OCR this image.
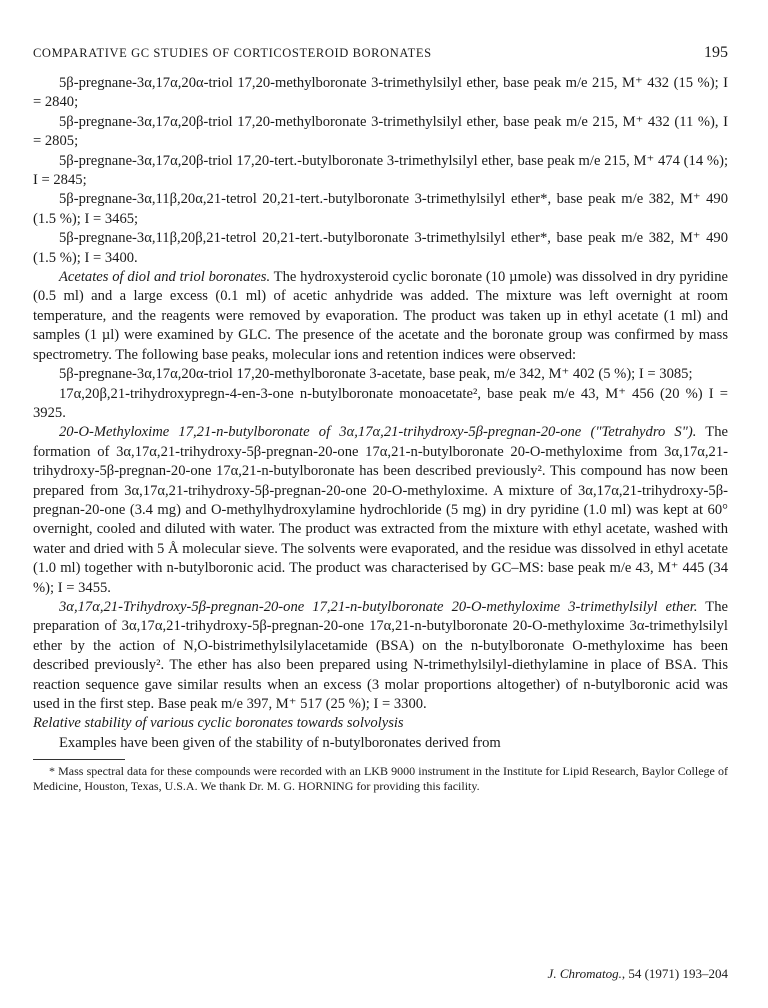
COMPARATIVE GC STUDIES OF CORTICOSTEROID BORONATES	195

5β-pregnane-3α,17α,20α-triol 17,20-methylboronate 3-trimethylsilyl ether, base peak m/e 215, M⁺ 432 (15 %); I = 2840;

5β-pregnane-3α,17α,20β-triol 17,20-methylboronate 3-trimethylsilyl ether, base peak m/e 215, M⁺ 432 (11 %), I = 2805;

5β-pregnane-3α,17α,20β-triol 17,20-tert.-butylboronate 3-trimethylsilyl ether, base peak m/e 215, M⁺ 474 (14 %); I = 2845;

5β-pregnane-3α,11β,20α,21-tetrol 20,21-tert.-butylboronate 3-trimethylsilyl ether*, base peak m/e 382, M⁺ 490 (1.5 %); I = 3465;

5β-pregnane-3α,11β,20β,21-tetrol 20,21-tert.-butylboronate 3-trimethylsilyl ether*, base peak m/e 382, M⁺ 490 (1.5 %); I = 3400.

Acetates of diol and triol boronates. The hydroxysteroid cyclic boronate (10 µmole) was dissolved in dry pyridine (0.5 ml) and a large excess (0.1 ml) of acetic anhydride was added. The mixture was left overnight at room temperature, and the reagents were removed by evaporation. The product was taken up in ethyl acetate (1 ml) and samples (1 µl) were examined by GLC. The presence of the acetate and the boronate group was confirmed by mass spectrometry. The following base peaks, molecular ions and retention indices were observed:

5β-pregnane-3α,17α,20α-triol 17,20-methylboronate 3-acetate, base peak, m/e 342, M⁺ 402 (5 %); I = 3085;

17α,20β,21-trihydroxypregn-4-en-3-one n-butylboronate monoacetate², base peak m/e 43, M⁺ 456 (20 %) I = 3925.

20-O-Methyloxime 17,21-n-butylboronate of 3α,17α,21-trihydroxy-5β-pregnan-20-one ("Tetrahydro S"). The formation of 3α,17α,21-trihydroxy-5β-pregnan-20-one 17α,21-n-butylboronate 20-O-methyloxime from 3α,17α,21-trihydroxy-5β-pregnan-20-one 17α,21-n-butylboronate has been described previously². This compound has now been prepared from 3α,17α,21-trihydroxy-5β-pregnan-20-one 20-O-methyloxime. A mixture of 3α,17α,21-trihydroxy-5β-pregnan-20-one (3.4 mg) and O-methylhydroxylamine hydrochloride (5 mg) in dry pyridine (1.0 ml) was kept at 60° overnight, cooled and diluted with water. The product was extracted from the mixture with ethyl acetate, washed with water and dried with 5 Å molecular sieve. The solvents were evaporated, and the residue was dissolved in ethyl acetate (1.0 ml) together with n-butylboronic acid. The product was characterised by GC–MS: base peak m/e 43, M⁺ 445 (34 %); I = 3455.

3α,17α,21-Trihydroxy-5β-pregnan-20-one 17,21-n-butylboronate 20-O-methyloxime 3-trimethylsilyl ether. The preparation of 3α,17α,21-trihydroxy-5β-pregnan-20-one 17α,21-n-butylboronate 20-O-methyloxime 3α-trimethylsilyl ether by the action of N,O-bistrimethylsilylacetamide (BSA) on the n-butylboronate O-methyloxime has been described previously². The ether has also been prepared using N-trimethylsilyl-diethylamine in place of BSA. This reaction sequence gave similar results when an excess (3 molar proportions altogether) of n-butylboronic acid was used in the first step. Base peak m/e 397, M⁺ 517 (25 %); I = 3300.

Relative stability of various cyclic boronates towards solvolysis

Examples have been given of the stability of n-butylboronates derived from

* Mass spectral data for these compounds were recorded with an LKB 9000 instrument in the Institute for Lipid Research, Baylor College of Medicine, Houston, Texas, U.S.A. We thank Dr. M. G. HORNING for providing this facility.

J. Chromatog., 54 (1971) 193–204
